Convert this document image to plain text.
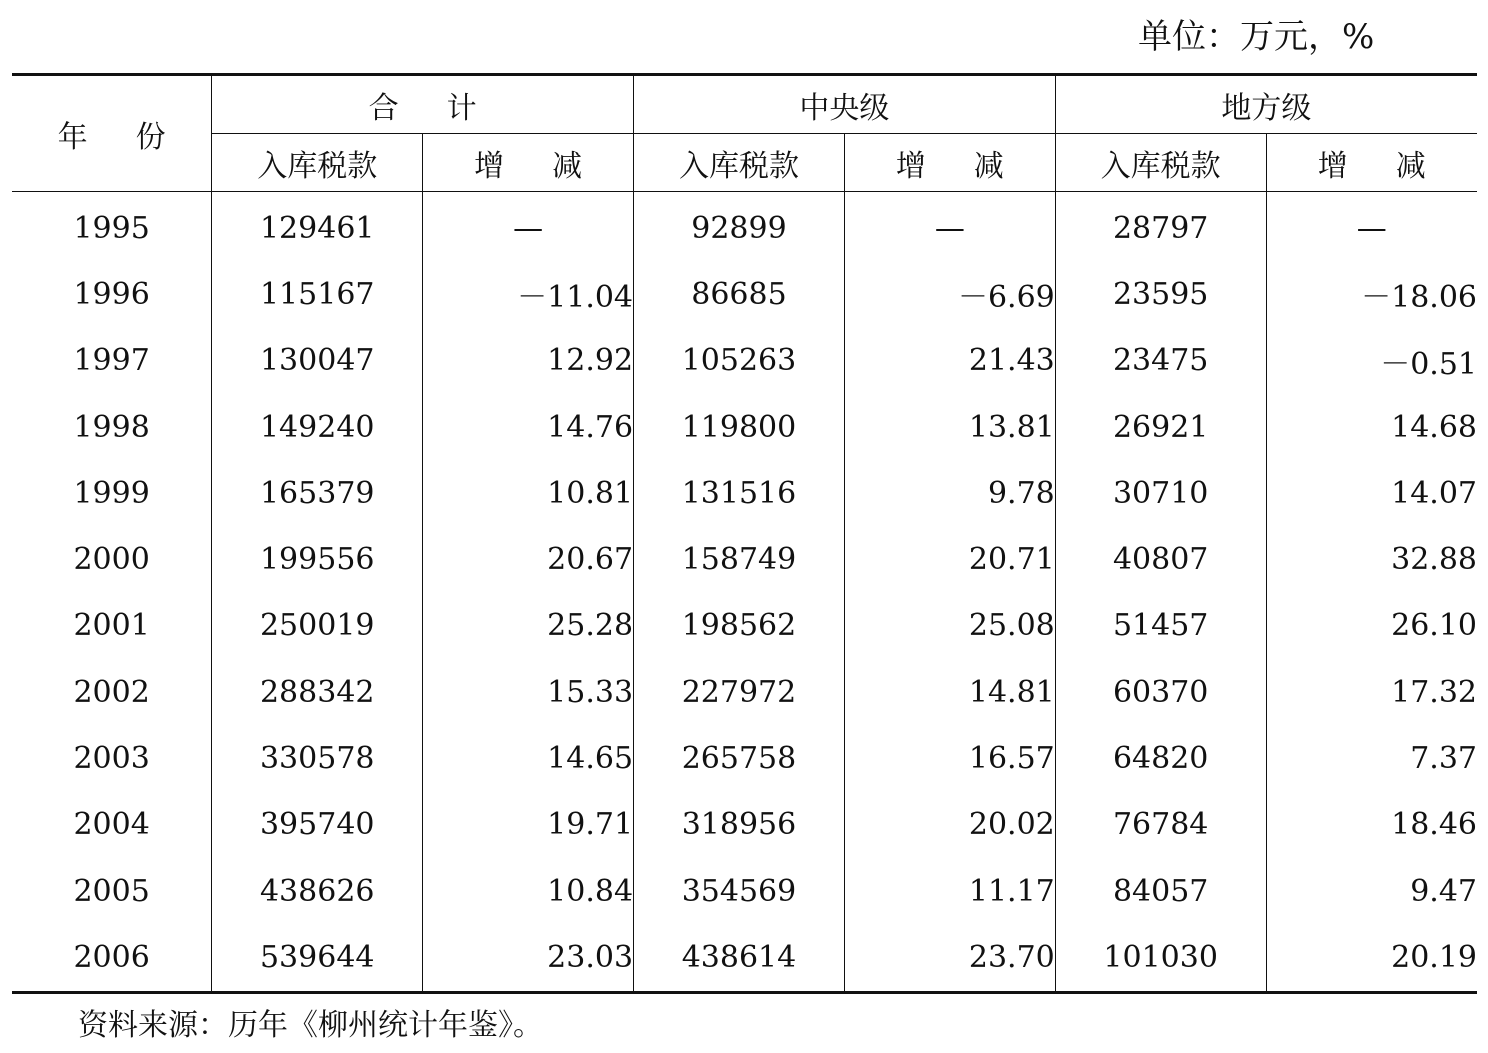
单位：万元，%
年份	合计		中央级		地方级	
	入库税款	增减	入库税款	增减	入库税款	增减
1995	129461	—	92899	—	28797	—
1996	115167	－11.04	86685	－6.69	23595	－18.06
1997	130047	12.92	105263	21.43	23475	－0.51
1998	149240	14.76	119800	13.81	26921	14.68
1999	165379	10.81	131516	9.78	30710	14.07
2000	199556	20.67	158749	20.71	40807	32.88
2001	250019	25.28	198562	25.08	51457	26.10
2002	288342	15.33	227972	14.81	60370	17.32
2003	330578	14.65	265758	16.57	64820	7.37
2004	395740	19.71	318956	20.02	76784	18.46
2005	438626	10.84	354569	11.17	84057	9.47
2006	539644	23.03	438614	23.70	101030	20.19
资料来源：历年《柳州统计年鉴》。
